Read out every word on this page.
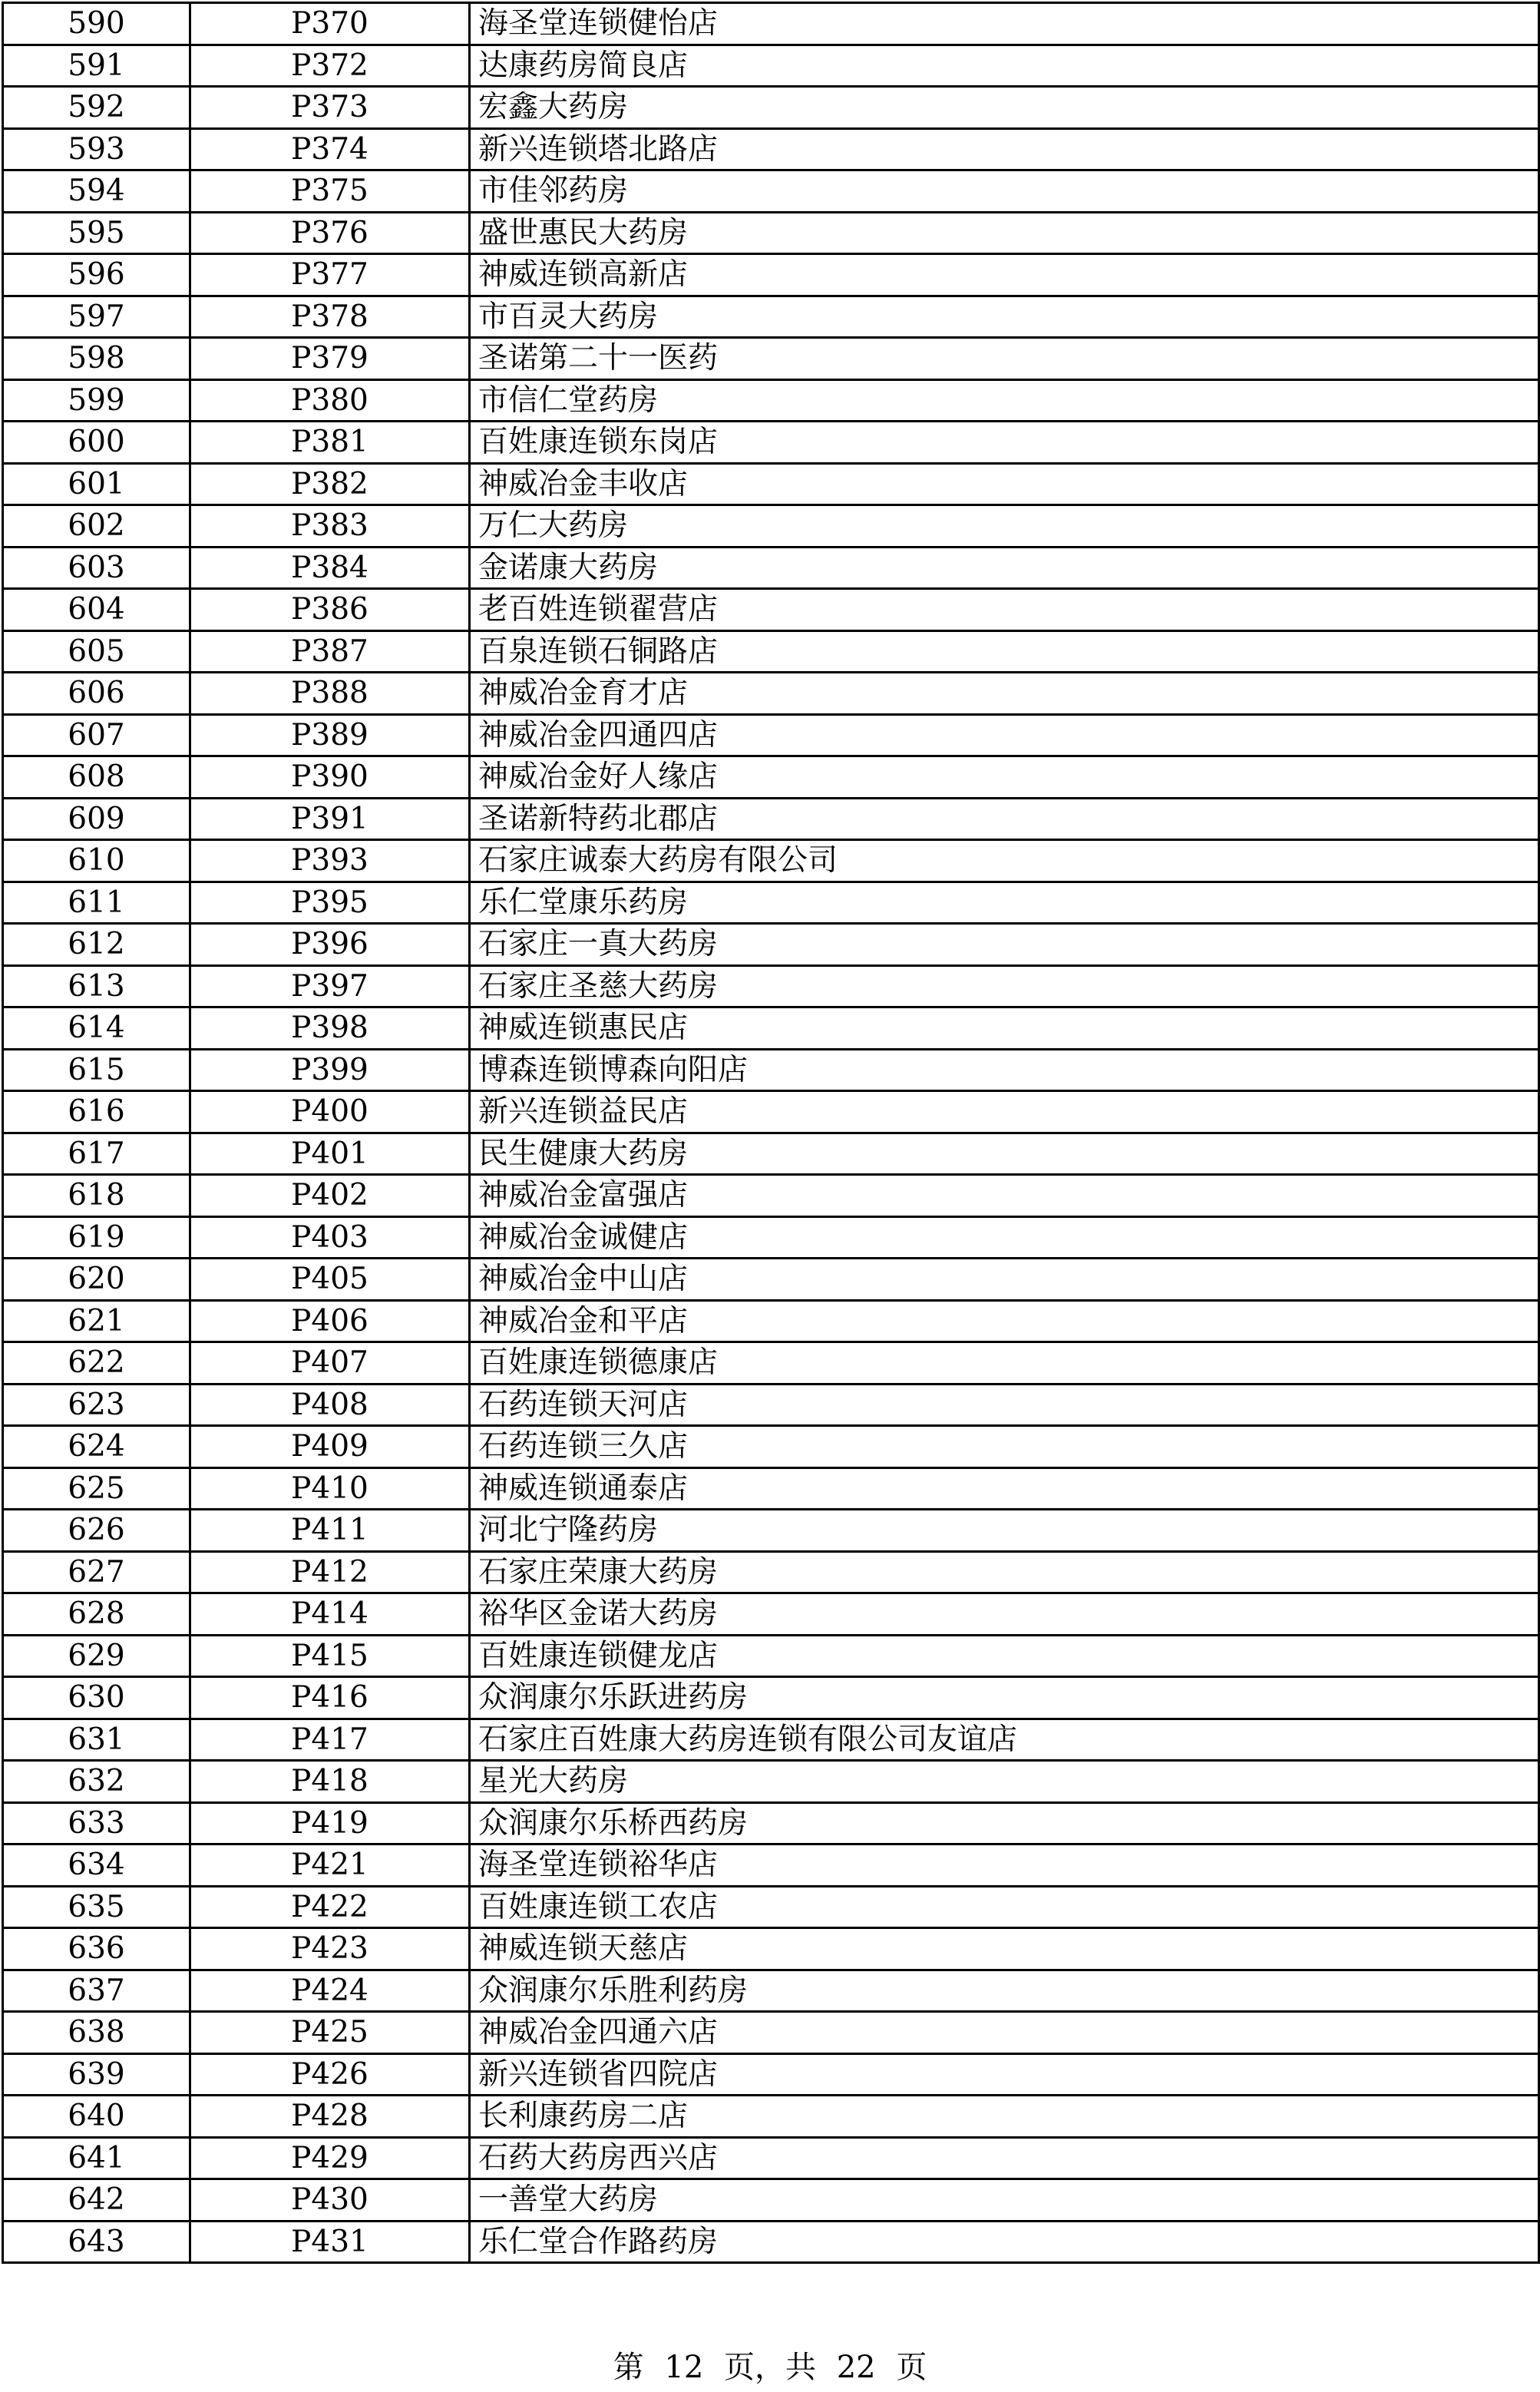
590	P370	海圣堂连锁健怡店
591	P372	达康药房简良店
592	P373	宏鑫大药房
593	P374	新兴连锁塔北路店
594	P375	市佳邻药房
595	P376	盛世惠民大药房
596	P377	神威连锁高新店
597	P378	市百灵大药房
598	P379	圣诺第二十一医药
599	P380	市信仁堂药房
600	P381	百姓康连锁东岗店
601	P382	神威冶金丰收店
602	P383	万仁大药房
603	P384	金诺康大药房
604	P386	老百姓连锁翟营店
605	P387	百泉连锁石铜路店
606	P388	神威冶金育才店
607	P389	神威冶金四通四店
608	P390	神威冶金好人缘店
609	P391	圣诺新特药北郡店
610	P393	石家庄诚泰大药房有限公司
611	P395	乐仁堂康乐药房
612	P396	石家庄一真大药房
613	P397	石家庄圣慈大药房
614	P398	神威连锁惠民店
615	P399	博森连锁博森向阳店
616	P400	新兴连锁益民店
617	P401	民生健康大药房
618	P402	神威冶金富强店
619	P403	神威冶金诚健店
620	P405	神威冶金中山店
621	P406	神威冶金和平店
622	P407	百姓康连锁德康店
623	P408	石药连锁天河店
624	P409	石药连锁三久店
625	P410	神威连锁通泰店
626	P411	河北宁隆药房
627	P412	石家庄荣康大药房
628	P414	裕华区金诺大药房
629	P415	百姓康连锁健龙店
630	P416	众润康尔乐跃进药房
631	P417	石家庄百姓康大药房连锁有限公司友谊店
632	P418	星光大药房
633	P419	众润康尔乐桥西药房
634	P421	海圣堂连锁裕华店
635	P422	百姓康连锁工农店
636	P423	神威连锁天慈店
637	P424	众润康尔乐胜利药房
638	P425	神威冶金四通六店
639	P426	新兴连锁省四院店
640	P428	长利康药房二店
641	P429	石药大药房西兴店
642	P430	一善堂大药房
643	P431	乐仁堂合作路药房
第 12 页，共 22 页
